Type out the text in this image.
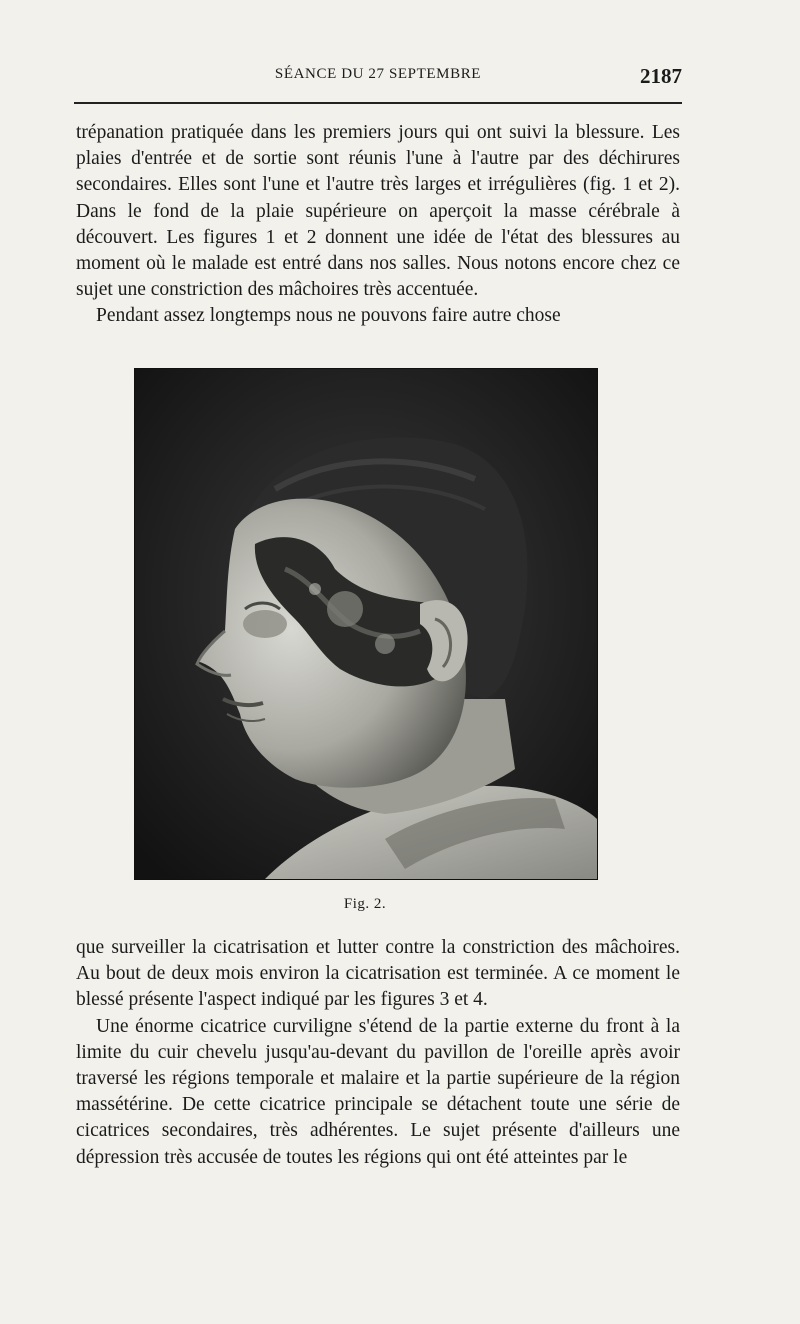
SÉANCE DU 27 SEPTEMBRE	2187

trépanation pratiquée dans les premiers jours qui ont suivi la blessure. Les plaies d'entrée et de sortie sont réunis l'une à l'autre par des déchirures secondaires. Elles sont l'une et l'autre très larges et irrégulières (fig. 1 et 2). Dans le fond de la plaie supérieure on aperçoit la masse cérébrale à découvert. Les figures 1 et 2 donnent une idée de l'état des blessures au moment où le malade est entré dans nos salles. Nous notons encore chez ce sujet une constriction des mâchoires très accentuée.

Pendant assez longtemps nous ne pouvons faire autre chose

Fig. 2.

que surveiller la cicatrisation et lutter contre la constriction des mâchoires. Au bout de deux mois environ la cicatrisation est terminée. A ce moment le blessé présente l'aspect indiqué par les figures 3 et 4.

Une énorme cicatrice curviligne s'étend de la partie externe du front à la limite du cuir chevelu jusqu'au-devant du pavillon de l'oreille après avoir traversé les régions temporale et malaire et la partie supérieure de la région massétérine. De cette cicatrice principale se détachent toute une série de cicatrices secondaires, très adhérentes. Le sujet présente d'ailleurs une dépression très accusée de toutes les régions qui ont été atteintes par le
